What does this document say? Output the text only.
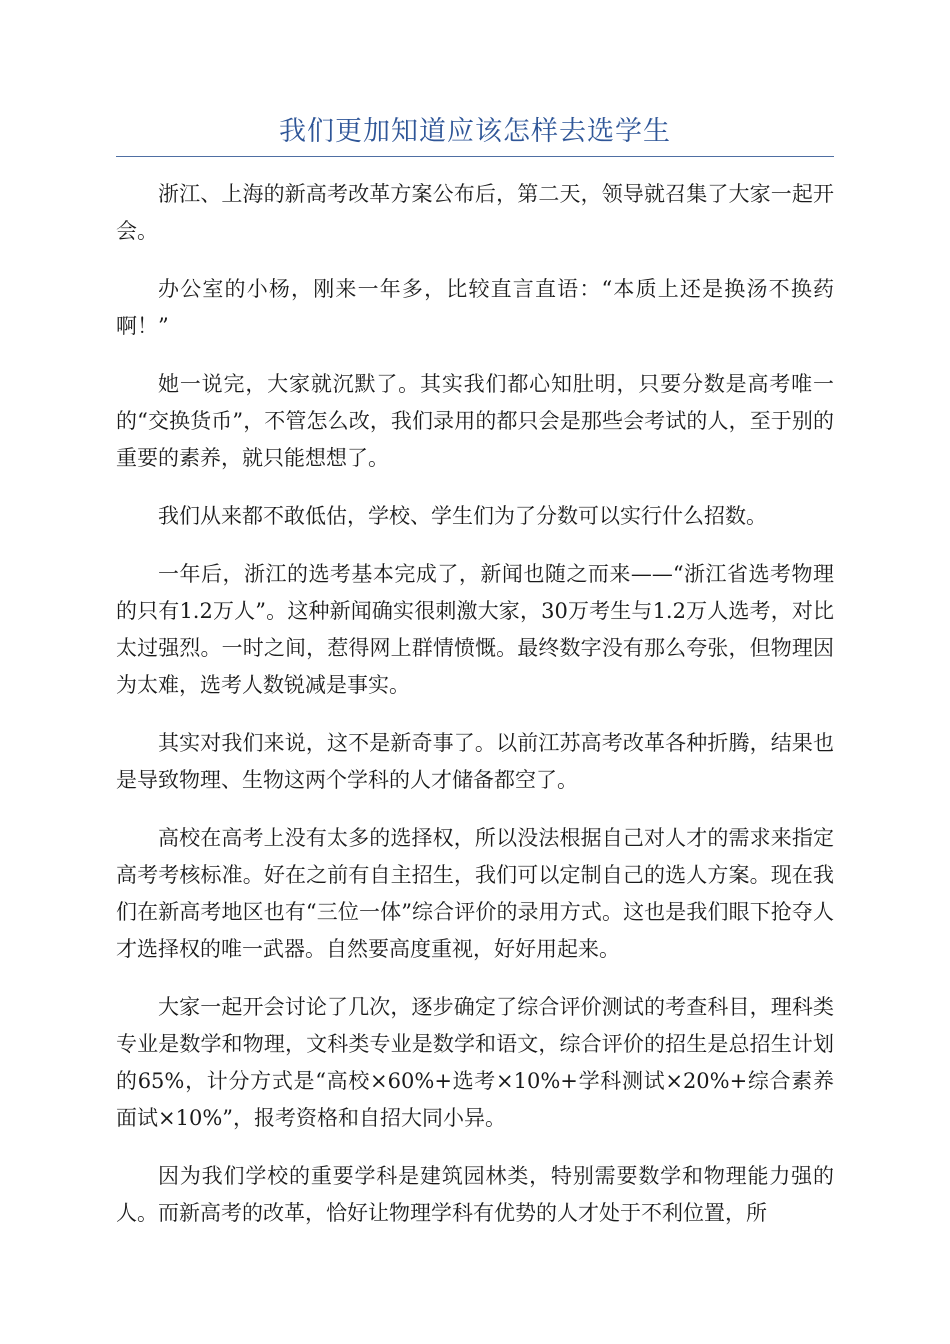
我们更加知道应该怎样去选学生

浙江、上海的新高考改革方案公布后，第二天，领导就召集了大家一起开会。

办公室的小杨，刚来一年多，比较直言直语：“本质上还是换汤不换药啊！”

她一说完，大家就沉默了。其实我们都心知肚明，只要分数是高考唯一的“交换货币”，不管怎么改，我们录用的都只会是那些会考试的人，至于别的重要的素养，就只能想想了。

我们从来都不敢低估，学校、学生们为了分数可以实行什么招数。

一年后，浙江的选考基本完成了，新闻也随之而来——“浙江省选考物理的只有1.2万人”。这种新闻确实很刺激大家，30万考生与1.2万人选考，对比太过强烈。一时之间，惹得网上群情愤慨。最终数字没有那么夸张，但物理因为太难，选考人数锐减是事实。

其实对我们来说，这不是新奇事了。以前江苏高考改革各种折腾，结果也是导致物理、生物这两个学科的人才储备都空了。

高校在高考上没有太多的选择权，所以没法根据自己对人才的需求来指定高考考核标准。好在之前有自主招生，我们可以定制自己的选人方案。现在我们在新高考地区也有“三位一体”综合评价的录用方式。这也是我们眼下抢夺人才选择权的唯一武器。自然要高度重视，好好用起来。

大家一起开会讨论了几次，逐步确定了综合评价测试的考查科目，理科类专业是数学和物理，文科类专业是数学和语文，综合评价的招生是总招生计划的65%，计分方式是“高校×60%+选考×10%+学科测试×20%+综合素养面试×10%”，报考资格和自招大同小异。

因为我们学校的重要学科是建筑园林类，特别需要数学和物理能力强的人。而新高考的改革，恰好让物理学科有优势的人才处于不利位置，所
